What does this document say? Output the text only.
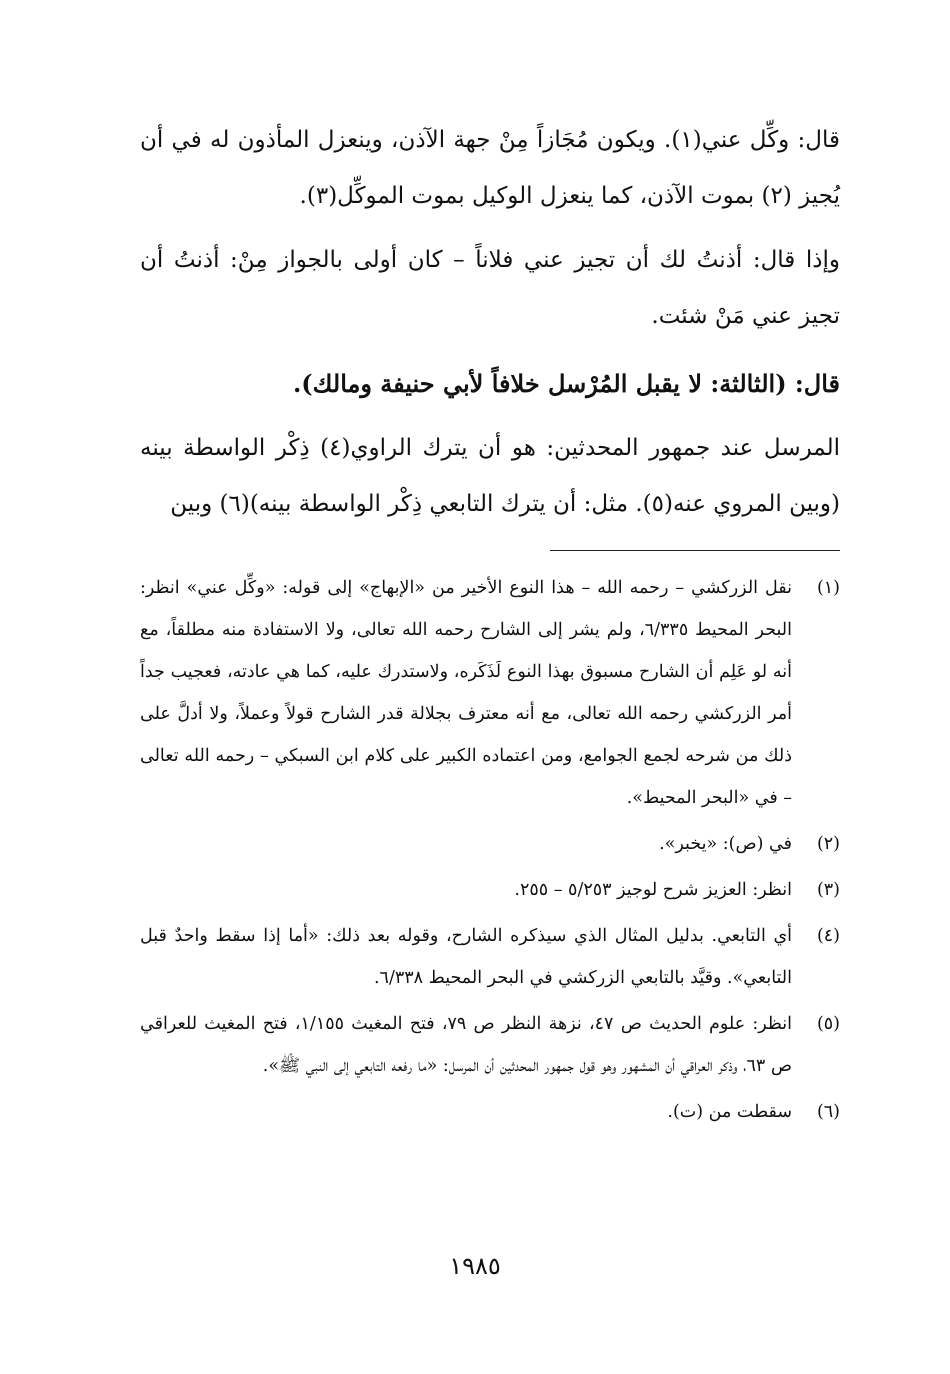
قال: وكِّل عني(١). ويكون مُجَازاً مِنْ جهة الآذن، وينعزل المأذون له في أن يُجيز (٢) بموت الآذن، كما ينعزل الوكيل بموت الموكِّل(٣).

وإذا قال: أذنتُ لك أن تجيز عني فلاناً – كان أولى بالجواز مِنْ: أذنتُ أن تجيز عني مَنْ شئت.

قال: (الثالثة: لا يقبل المُرْسل خلافاً لأبي حنيفة ومالك).

المرسل عند جمهور المحدثين: هو أن يترك الراوي(٤) ذِكْر الواسطة بينه (وبين المروي عنه(٥). مثل: أن يترك التابعي ذِكْر الواسطة بينه)(٦) وبين

(١)
نقل الزركشي – رحمه الله – هذا النوع الأخير من «الإبهاج» إلى قوله: «وكِّل عني» انظر: البحر المحيط ٦/٣٣٥، ولم يشر إلى الشارح رحمه الله تعالى، ولا الاستفادة منه مطلقاً، مع أنه لو عَلِم أن الشارح مسبوق بهذا النوع لَذَكَره، ولاستدرك عليه، كما هي عادته، فعجيب جداً أمر الزركشي رحمه الله تعالى، مع أنه معترف بجلالة قدر الشارح قولاً وعملاً، ولا أدلَّ على ذلك من شرحه لجمع الجوامع، ومن اعتماده الكبير على كلام ابن السبكي – رحمه الله تعالى – في «البحر المحيط».
(٢)
في (ص): «يخبر».
(٣)
انظر: العزيز شرح لوجيز ٥/٢٥٣ – ٢٥٥.
(٤)
أي التابعي. بدليل المثال الذي سيذكره الشارح، وقوله بعد ذلك: «أما إذا سقط واحدٌ قبل التابعي». وقيَّد بالتابعي الزركشي في البحر المحيط ٦/٣٣٨.
(٥)
انظر: علوم الحديث ص ٤٧، نزهة النظر ص ٧٩، فتح المغيث ١/١٥٥، فتح المغيث للعراقي ص ٦٣، وذكر العراقي أن المشهور وهو قول جمهور المحدثين أن المرسل: «ما رفعه التابعي إلى النبي ﷺ».
(٦)
سقطت من (ت).
١٩٨٥
